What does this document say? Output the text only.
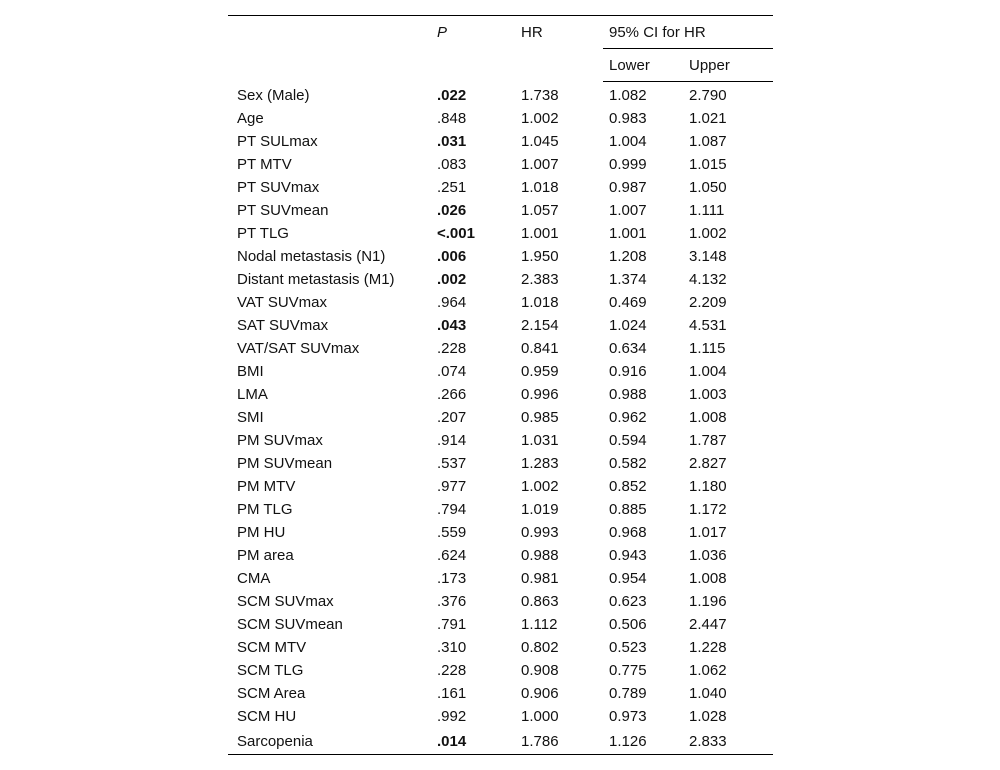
	P	HR	95% CI for HR	
			Lower	Upper
Sex (Male)	.022	1.738	1.082	2.790
Age	.848	1.002	0.983	1.021
PT SULmax	.031	1.045	1.004	1.087
PT MTV	.083	1.007	0.999	1.015
PT SUVmax	.251	1.018	0.987	1.050
PT SUVmean	.026	1.057	1.007	1.111
PT TLG	<.001	1.001	1.001	1.002
Nodal metastasis (N1)	.006	1.950	1.208	3.148
Distant metastasis (M1)	.002	2.383	1.374	4.132
VAT SUVmax	.964	1.018	0.469	2.209
SAT SUVmax	.043	2.154	1.024	4.531
VAT/SAT SUVmax	.228	0.841	0.634	1.115
BMI	.074	0.959	0.916	1.004
LMA	.266	0.996	0.988	1.003
SMI	.207	0.985	0.962	1.008
PM SUVmax	.914	1.031	0.594	1.787
PM SUVmean	.537	1.283	0.582	2.827
PM MTV	.977	1.002	0.852	1.180
PM TLG	.794	1.019	0.885	1.172
PM HU	.559	0.993	0.968	1.017
PM area	.624	0.988	0.943	1.036
CMA	.173	0.981	0.954	1.008
SCM SUVmax	.376	0.863	0.623	1.196
SCM SUVmean	.791	1.112	0.506	2.447
SCM MTV	.310	0.802	0.523	1.228
SCM TLG	.228	0.908	0.775	1.062
SCM Area	.161	0.906	0.789	1.040
SCM HU	.992	1.000	0.973	1.028
Sarcopenia	.014	1.786	1.126	2.833
